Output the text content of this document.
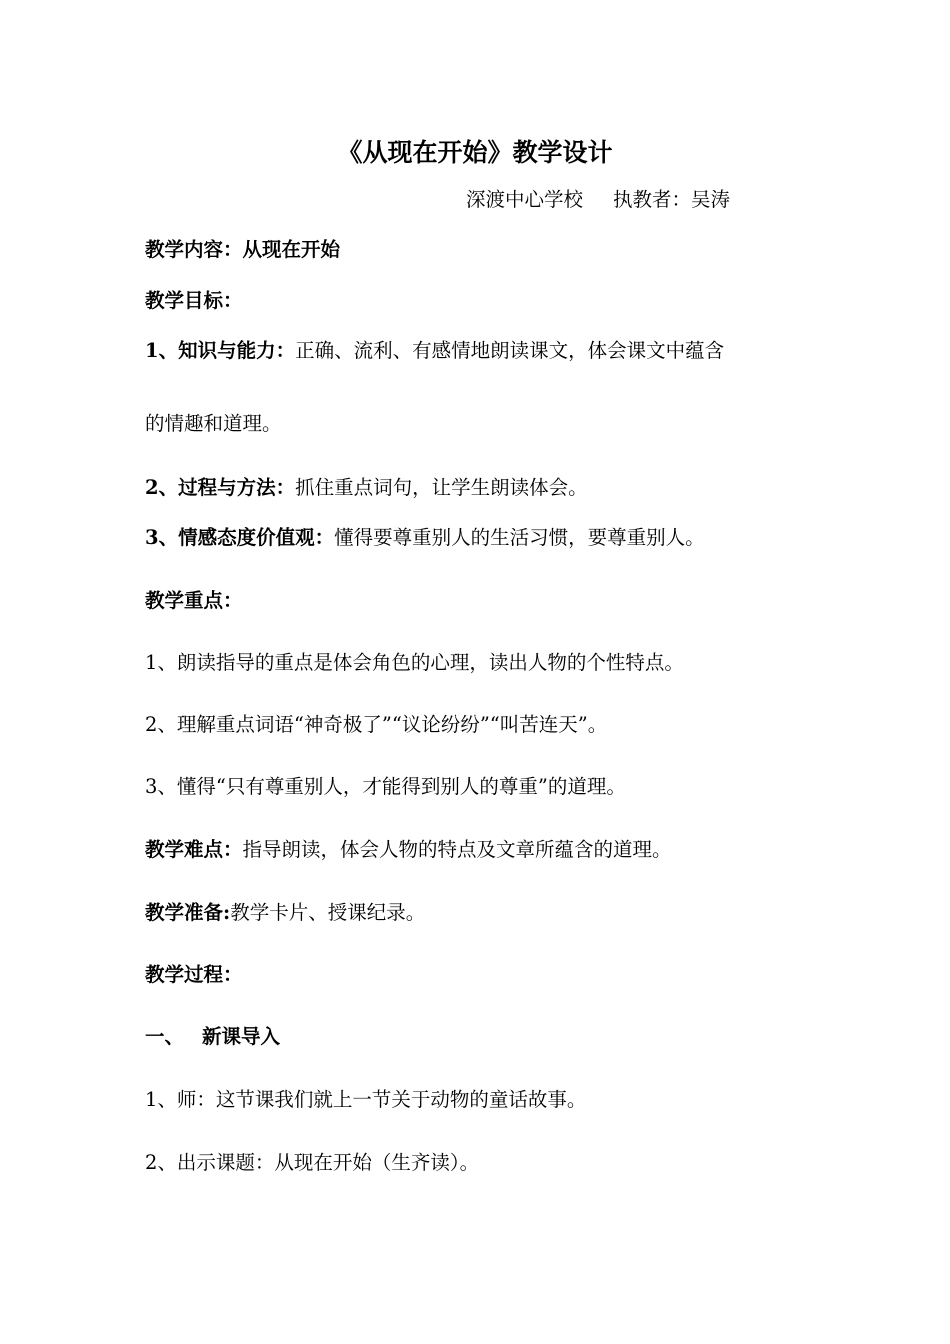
《从现在开始》教学设计
深渡中心学校 执教者：吴涛
教学内容：从现在开始
教学目标：
1、知识与能力：正确、流利、有感情地朗读课文，体会课文中蕴含
的情趣和道理。
2、过程与方法：抓住重点词句，让学生朗读体会。
3、情感态度价值观：懂得要尊重别人的生活习惯，要尊重别人。
教学重点：
1、朗读指导的重点是体会角色的心理，读出人物的个性特点。
2、理解重点词语“神奇极了”“议论纷纷”“叫苦连天”。
3、懂得“只有尊重别人，才能得到别人的尊重”的道理。
教学难点：指导朗读，体会人物的特点及文章所蕴含的道理。
教学准备:教学卡片、授课纪录。
教学过程：
一、 新课导入
1、师：这节课我们就上一节关于动物的童话故事。
2、出示课题：从现在开始（生齐读）。
